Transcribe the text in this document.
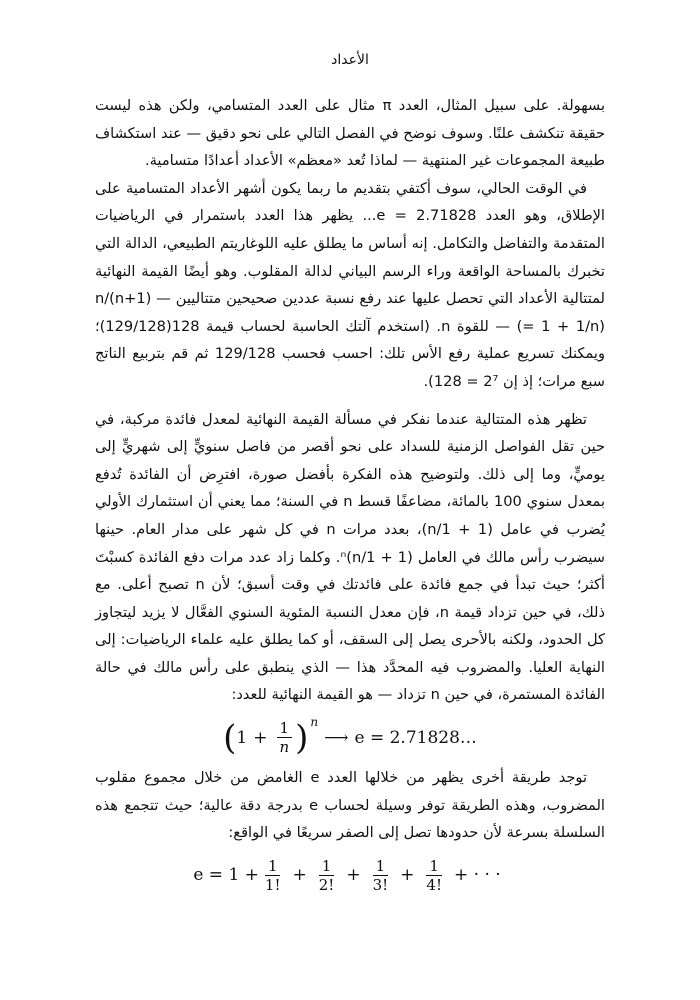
الأعداد

بسهولة. على سبيل المثال، العدد π مثال على العدد المتسامي، ولكن هذه ليست حقيقة تنكشف علنًا. وسوف نوضح في الفصل التالي على نحو دقيق — عند استكشاف طبيعة المجموعات غير المنتهية — لماذا تُعد «معظم» الأعداد أعدادًا متسامية.

في الوقت الحالي، سوف أكتفي بتقديم ما ربما يكون أشهر الأعداد المتسامية على الإطلاق، وهو العدد e = 2.71828... يظهر هذا العدد باستمرار في الرياضيات المتقدمة والتفاضل والتكامل. إنه أساس ما يطلق عليه اللوغاريتم الطبيعي، الدالة التي تخبرك بالمساحة الواقعة وراء الرسم البياني لدالة المقلوب. وهو أيضًا القيمة النهائية لمتتالية الأعداد التي تحصل عليها عند رفع نسبة عددين صحيحين متتاليين — (n+1)/n (= 1 + 1/n) — للقوة n. (استخدم آلتك الحاسبة لحساب قيمة 128(129/128)؛ ويمكنك تسريع عملية رفع الأس تلك: احسب فحسب 129/128 ثم قم بتربيع الناتج سبع مرات؛ إذ إن 2⁷ = 128).

تظهر هذه المتتالية عندما نفكر في مسألة القيمة النهائية لمعدل فائدة مركبة، في حين تقل الفواصل الزمنية للسداد على نحو أقصر من فاصل سنويٍّ إلى شهريٍّ إلى يوميٍّ، وما إلى ذلك. ولتوضيح هذه الفكرة بأفضل صورة، افترِض أن الفائدة تُدفع بمعدل سنوي 100 بالمائة، مضاعفًا قسط n في السنة؛ مما يعني أن استثمارك الأولي يُضرب في عامل (1 + 1/n)، بعدد مرات n في كل شهر على مدار العام. حينها سيضرب رأس مالك في العامل (1 + 1/n)ⁿ. وكلما زاد عدد مرات دفع الفائدة كسبْتَ أكثر؛ حيث تبدأ في جمع فائدة على فائدتك في وقت أسبق؛ لأن n تصبح أعلى. مع ذلك، في حين تزداد قيمة n، فإن معدل النسبة المئوية السنوي الفعَّال لا يزيد ليتجاوز كل الحدود، ولكنه بالأحرى يصل إلى السقف، أو كما يطلق عليه علماء الرياضيات: إلى النهاية العليا. والمضروب فيه المحدَّد هذا — الذي ينطبق على رأس مالك في حالة الفائدة المستمرة، في حين n تزداد — هو القيمة النهائية للعدد:

( $1 + \frac{1}{n}$ ) n
⟶ e = 2.71828…

توجد طريقة أخرى يظهر من خلالها العدد e الغامض من خلال مجموع مقلوب المضروب، وهذه الطريقة توفر وسيلة لحساب e بدرجة دقة عالية؛ حيث تتجمع هذه السلسلة بسرعة لأن حدودها تصل إلى الصفر سريعًا في الواقع:

$e = 1 + \frac{1}{1!} + \frac{1}{2!} + \frac{1}{3!} + \frac{1}{4!}$ + · · ·
